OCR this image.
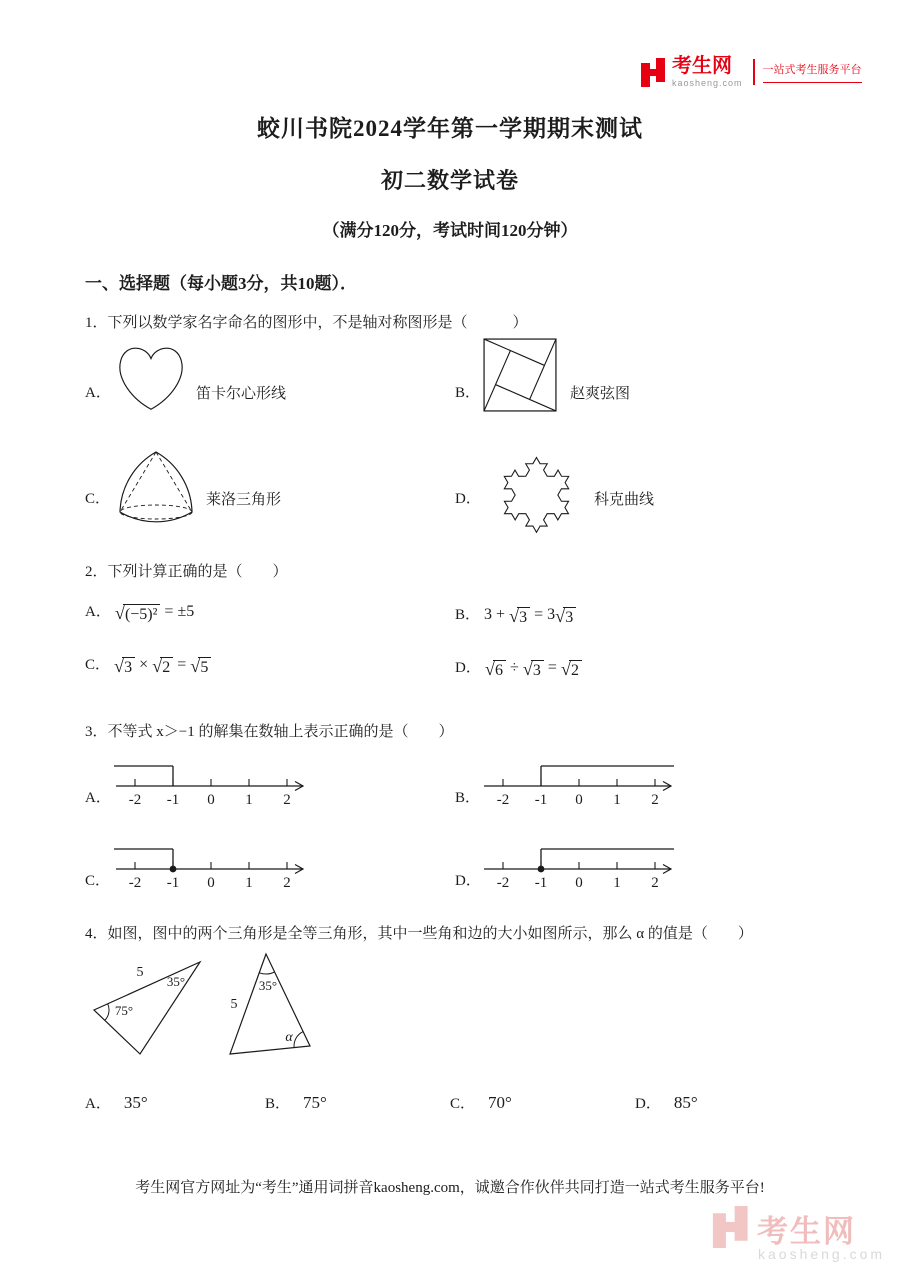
考生网
kaosheng.com
一站式考生服务平台
蛟川书院2024学年第一学期期末测试
初二数学试卷
（满分120分，考试时间120分钟）
一、选择题（每小题3分，共10题）．
1．下列以数学家名字命名的图形中，不是轴对称图形是（　　　）
A．	笛卡尔心形线	B．	赵爽弦图
C．	莱洛三角形	D．	科克曲线
2．下列计算正确的是（　　）
A． √ (−5)² = ±5	B． 3 + √ 3 = 3 √ 3
C． √ 3 × √ 2 = √ 5	D． √ 6 ÷ √ 3 = √ 2
3．不等式 x＞−1 的解集在数轴上表示正确的是（　　）
A． -2 -1 0 1 2	B． -2 -1 0 1 2
C． -2 -1 0 1 2	D． -2 -1 0 1 2
4．如图，图中的两个三角形是全等三角形，其中一些角和边的大小如图所示，那么 α 的值是（　　）
5
35°
75°
35°
5
α
A． 35°	B． 75°	C． 70°	D． 85°
考生网官方网址为“考生”通用词拼音kaosheng.com，诚邀合作伙伴共同打造一站式考生服务平台!
考生网
kaosheng.com
